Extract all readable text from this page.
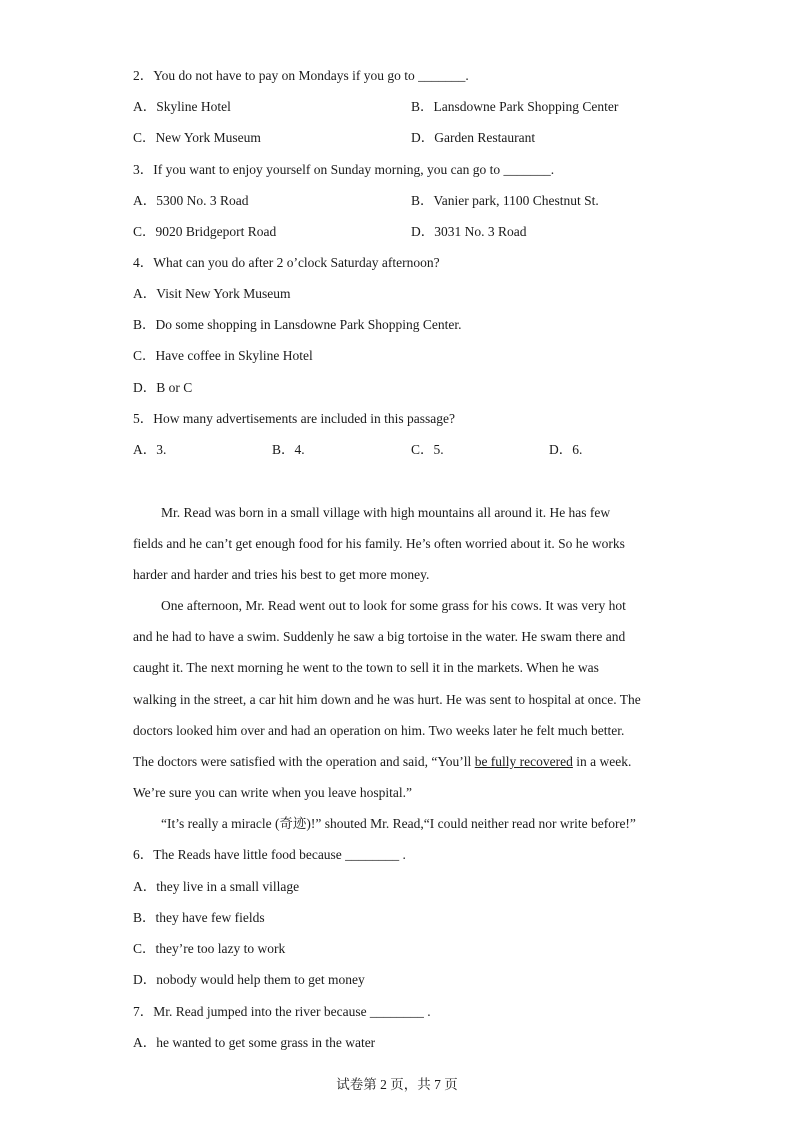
2．You do not have to pay on Mondays if you go to _______.
A．Skyline Hotel	B．Lansdowne Park Shopping Center
C．New York Museum	D．Garden Restaurant
3．If you want to enjoy yourself on Sunday morning, you can go to _______.
A．5300 No. 3 Road	B．Vanier park, 1100 Chestnut St.
C．9020 Bridgeport Road	D．3031 No. 3 Road
4．What can you do after 2 o’clock Saturday afternoon?
A．Visit New York Museum
B．Do some shopping in Lansdowne Park Shopping Center.
C．Have coffee in Skyline Hotel
D．B or C
5．How many advertisements are included in this passage?
A．3.	B．4.	C．5.	D．6.
Mr. Read was born in a small village with high mountains all around it. He has few
fields and he can’t get enough food for his family. He’s often worried about it. So he works
harder and harder and tries his best to get more money.
One afternoon, Mr. Read went out to look for some grass for his cows. It was very hot
and he had to have a swim. Suddenly he saw a big tortoise in the water. He swam there and
caught it. The next morning he went to the town to sell it in the markets. When he was
walking in the street, a car hit him down and he was hurt. He was sent to hospital at once. The
doctors looked him over and had an operation on him. Two weeks later he felt much better.
The doctors were satisfied with the operation and said, “You’ll be fully recovered in a week.
We’re sure you can write when you leave hospital.”
“It’s really a miracle (奇迹)!” shouted Mr. Read,“I could neither read nor write before!”
6．The Reads have little food because ________ .
A．they live in a small village
B．they have few fields
C．they’re too lazy to work
D．nobody would help them to get money
7．Mr. Read jumped into the river because ________ .
A．he wanted to get some grass in the water
试卷第 2 页，共 7 页
